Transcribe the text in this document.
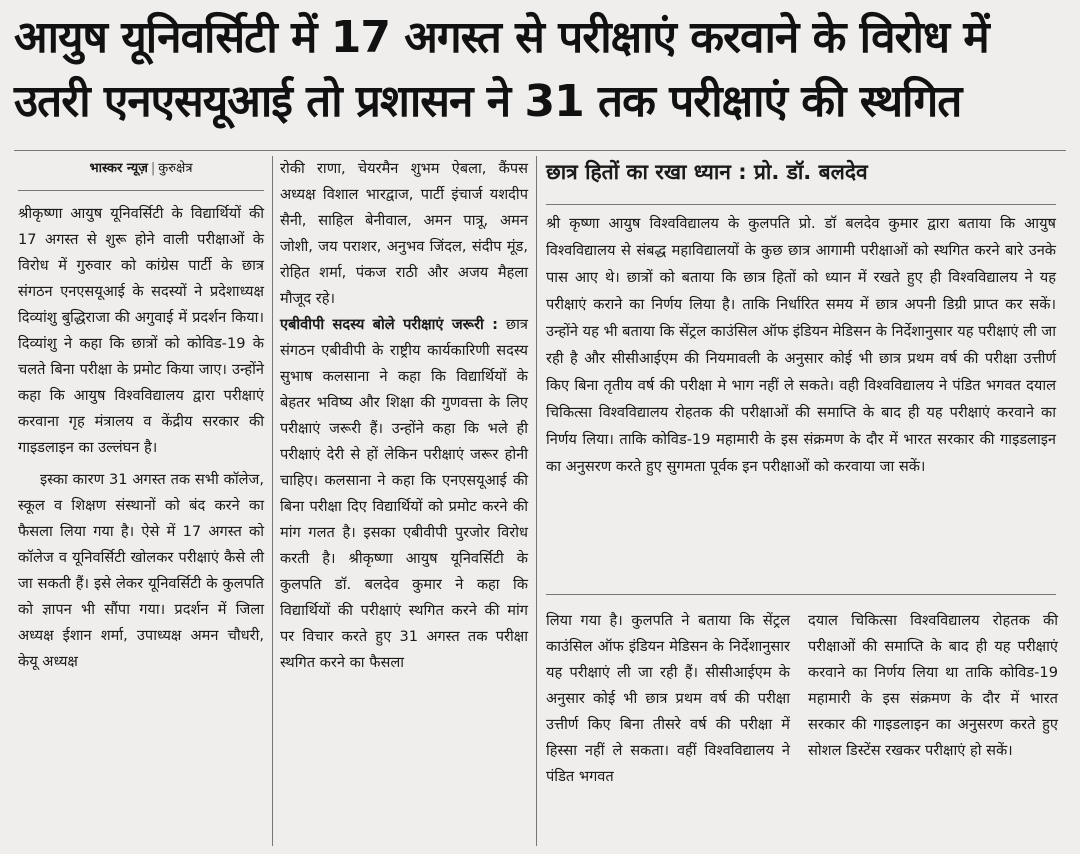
आयुष यूनिवर्सिटी में 17 अगस्त से परीक्षाएं करवाने के विरोध में
उतरी एनएसयूआई तो प्रशासन ने 31 तक परीक्षाएं की स्थगित
भास्कर न्यूज़ | कुरुक्षेत्र

श्रीकृष्णा आयुष यूनिवर्सिटी के विद्यार्थियों की 17 अगस्त से शुरू होने वाली परीक्षाओं के विरोध में गुरुवार को कांग्रेस पार्टी के छात्र संगठन एनएसयूआई के सदस्यों ने प्रदेशाध्यक्ष दिव्यांशु बुद्धिराजा की अगुवाई में प्रदर्शन किया। दिव्यांशु ने कहा कि छात्रों को कोविड-19 के चलते बिना परीक्षा के प्रमोट किया जाए। उन्होंने कहा कि आयुष विश्वविद्यालय द्वारा परीक्षाएं करवाना गृह मंत्रालय व केंद्रीय सरकार की गाइडलाइन का उल्लंघन है।

इस्का कारण 31 अगस्त तक सभी कॉलेज, स्कूल व शिक्षण संस्थानों को बंद करने का फैसला लिया गया है। ऐसे में 17 अगस्त को कॉलेज व यूनिवर्सिटी खोलकर परीक्षाएं कैसे ली जा सकती हैं। इसे लेकर यूनिवर्सिटी के कुलपति को ज्ञापन भी सौंपा गया। प्रदर्शन में जिला अध्यक्ष ईशान शर्मा, उपाध्यक्ष अमन चौधरी, केयू अध्यक्ष

रोकी राणा, चेयरमैन शुभम ऐबला, कैंपस अध्यक्ष विशाल भारद्वाज, पार्टी इंचार्ज यशदीप सैनी, साहिल बेनीवाल, अमन पात्रू, अमन जोशी, जय पराशर, अनुभव जिंदल, संदीप मूंड, रोहित शर्मा, पंकज राठी और अजय मैहला मौजूद रहे।

एबीवीपी सदस्य बोले परीक्षाएं जरूरी : छात्र संगठन एबीवीपी के राष्ट्रीय कार्यकारिणी सदस्य सुभाष कलसाना ने कहा कि विद्यार्थियों के बेहतर भविष्य और शिक्षा की गुणवत्ता के लिए परीक्षाएं जरूरी हैं। उन्होंने कहा कि भले ही परीक्षाएं देरी से हों लेकिन परीक्षाएं जरूर होनी चाहिए। कलसाना ने कहा कि एनएसयूआई की बिना परीक्षा दिए विद्यार्थियों को प्रमोट करने की मांग गलत है। इसका एबीवीपी पुरजोर विरोध करती है। श्रीकृष्णा आयुष यूनिवर्सिटी के कुलपति डॉ. बलदेव कुमार ने कहा कि विद्यार्थियों की परीक्षाएं स्थगित करने की मांग पर विचार करते हुए 31 अगस्त तक परीक्षा स्थगित करने का फैसला

छात्र हितों का रखा ध्यान : प्रो. डॉ. बलदेव
श्री कृष्णा आयुष विश्वविद्यालय के कुलपति प्रो. डॉ बलदेव कुमार द्वारा बताया कि आयुष विश्वविद्यालय से संबद्ध महाविद्यालयों के कुछ छात्र आगामी परीक्षाओं को स्थगित करने बारे उनके पास आए थे। छात्रों को बताया कि छात्र हितों को ध्यान में रखते हुए ही विश्वविद्यालय ने यह परीक्षाएं कराने का निर्णय लिया है। ताकि निर्धारित समय में छात्र अपनी डिग्री प्राप्त कर सकें। उन्होंने यह भी बताया कि सेंट्रल काउंसिल ऑफ इंडियन मेडिसन के निर्देशानुसार यह परीक्षाएं ली जा रही है और सीसीआईएम की नियमावली के अनुसार कोई भी छात्र प्रथम वर्ष की परीक्षा उत्तीर्ण किए बिना तृतीय वर्ष की परीक्षा मे भाग नहीं ले सकते। वही विश्वविद्यालय ने पंडित भगवत दयाल चिकित्सा विश्वविद्यालय रोहतक की परीक्षाओं की समाप्ति के बाद ही यह परीक्षाएं करवाने का निर्णय लिया। ताकि कोविड-19 महामारी के इस संक्रमण के दौर में भारत सरकार की गाइडलाइन का अनुसरण करते हुए सुगमता पूर्वक इन परीक्षाओं को करवाया जा सकें।

लिया गया है। कुलपति ने बताया कि सेंट्रल काउंसिल ऑफ इंडियन मेडिसन के निर्देशानुसार यह परीक्षाएं ली जा रही हैं। सीसीआईएम के अनुसार कोई भी छात्र प्रथम वर्ष की परीक्षा उत्तीर्ण किए बिना तीसरे वर्ष की परीक्षा में हिस्सा नहीं ले सकता। वहीं विश्वविद्यालय ने पंडित भगवत

दयाल चिकित्सा विश्वविद्यालय रोहतक की परीक्षाओं की समाप्ति के बाद ही यह परीक्षाएं करवाने का निर्णय लिया था ताकि कोविड-19 महामारी के इस संक्रमण के दौर में भारत सरकार की गाइडलाइन का अनुसरण करते हुए सोशल डिस्टेंस रखकर परीक्षाएं हो सकें।
